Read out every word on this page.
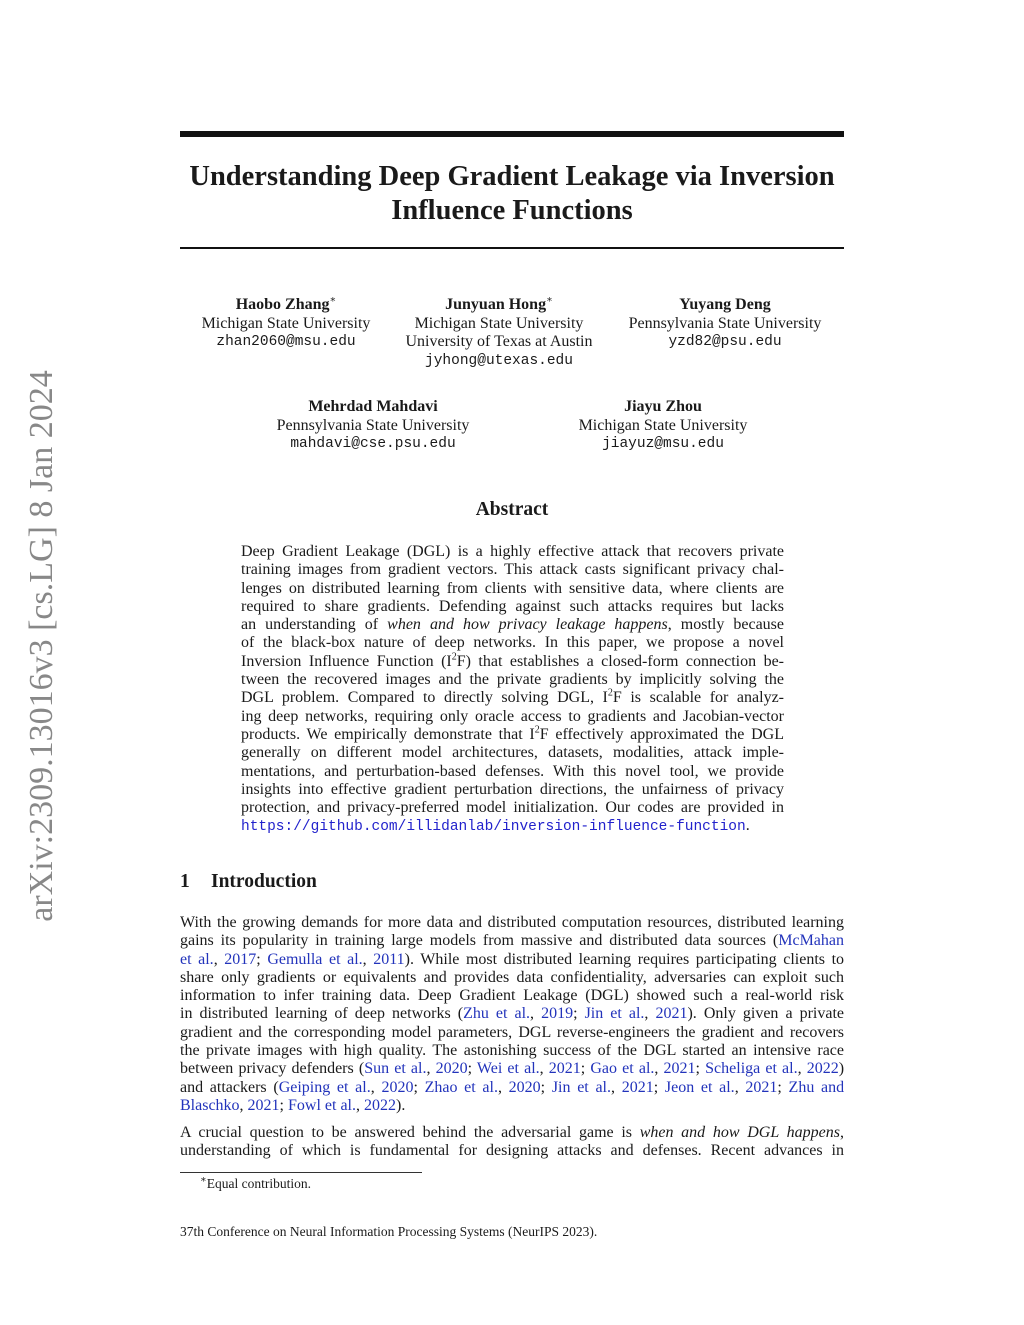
arXiv:2309.13016v3 [cs.LG] 8 Jan 2024
Understanding Deep Gradient Leakage via Inversion
Influence Functions
Haobo Zhang∗
Michigan State University
zhan2060@msu.edu
Junyuan Hong∗
Michigan State University
University of Texas at Austin
jyhong@utexas.edu
Yuyang Deng
Pennsylvania State University
yzd82@psu.edu
Mehrdad Mahdavi
Pennsylvania State University
mahdavi@cse.psu.edu
Jiayu Zhou
Michigan State University
jiayuz@msu.edu
Abstract
Deep Gradient Leakage (DGL) is a highly effective attack that recovers private
training images from gradient vectors. This attack casts significant privacy chal-
lenges on distributed learning from clients with sensitive data, where clients are
required to share gradients. Defending against such attacks requires but lacks
an understanding of when and how privacy leakage happens, mostly because
of the black-box nature of deep networks. In this paper, we propose a novel
Inversion Influence Function $(I^2F)$ that establishes a closed-form connection be-
tween the recovered images and the private gradients by implicitly solving the
DGL problem. Compared to directly solving DGL, $I^2F$ is scalable for analyz-
ing deep networks, requiring only oracle access to gradients and Jacobian-vector
products. We empirically demonstrate that $I^2F$ effectively approximated the DGL
generally on different model architectures, datasets, modalities, attack imple-
mentations, and perturbation-based defenses. With this novel tool, we provide
insights into effective gradient perturbation directions, the unfairness of privacy
protection, and privacy-preferred model initialization. Our codes are provided in
https://github.com/illidanlab/inversion-influence-function.
1 Introduction
With the growing demands for more data and distributed computation resources, distributed learning
gains its popularity in training large models from massive and distributed data sources (McMahan
et al., 2017; Gemulla et al., 2011). While most distributed learning requires participating clients to
share only gradients or equivalents and provides data confidentiality, adversaries can exploit such
information to infer training data. Deep Gradient Leakage (DGL) showed such a real-world risk
in distributed learning of deep networks (Zhu et al., 2019; Jin et al., 2021). Only given a private
gradient and the corresponding model parameters, DGL reverse-engineers the gradient and recovers
the private images with high quality. The astonishing success of the DGL started an intensive race
between privacy defenders (Sun et al., 2020; Wei et al., 2021; Gao et al., 2021; Scheliga et al., 2022)
and attackers (Geiping et al., 2020; Zhao et al., 2020; Jin et al., 2021; Jeon et al., 2021; Zhu and
Blaschko, 2021; Fowl et al., 2022).
A crucial question to be answered behind the adversarial game is when and how DGL happens,
understanding of which is fundamental for designing attacks and defenses. Recent advances in
∗Equal contribution.
37th Conference on Neural Information Processing Systems (NeurIPS 2023).
